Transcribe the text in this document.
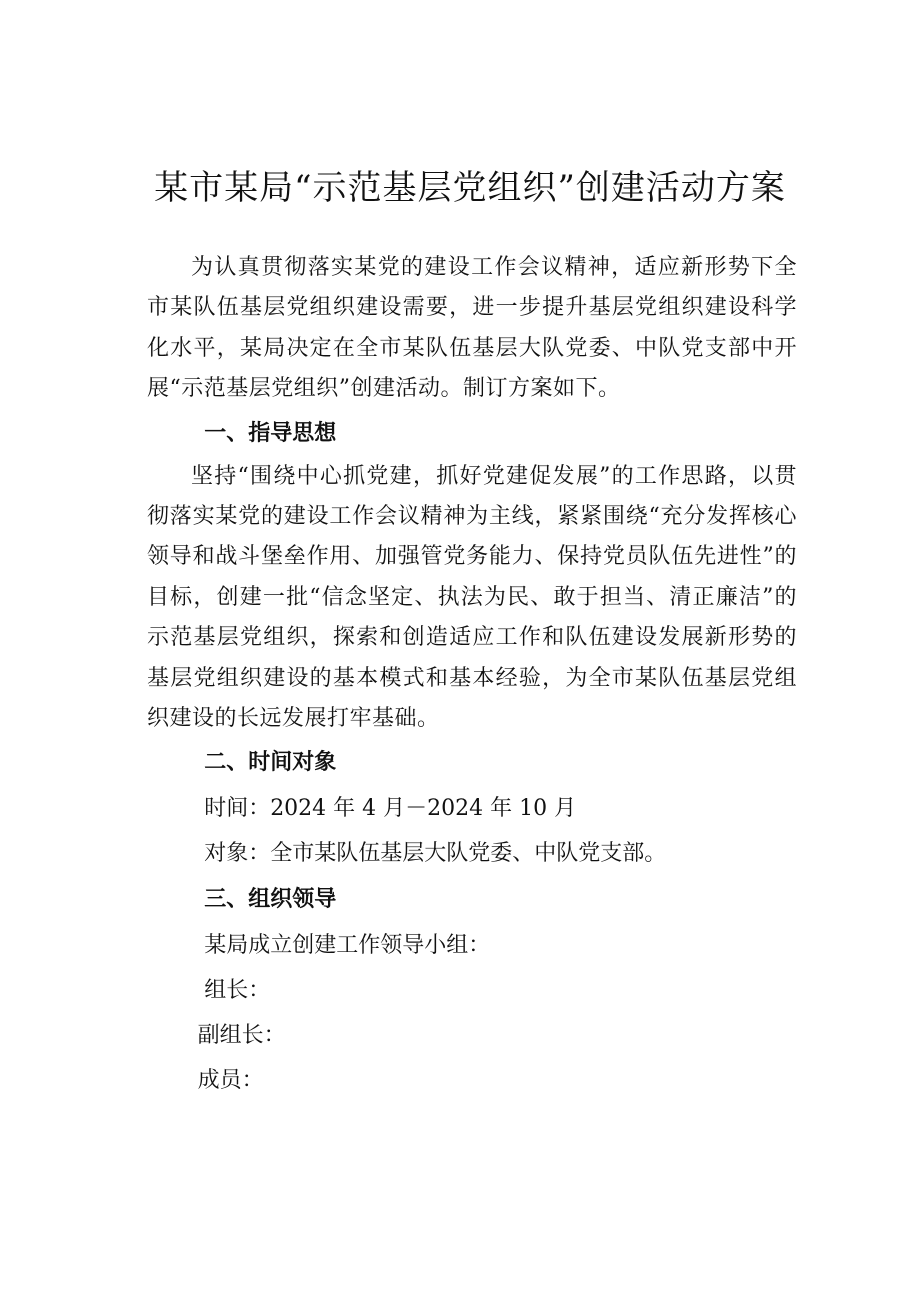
某市某局“示范基层党组织”创建活动方案

为认真贯彻落实某党的建设工作会议精神，适应新形势下全市某队伍基层党组织建设需要，进一步提升基层党组织建设科学化水平，某局决定在全市某队伍基层大队党委、中队党支部中开展“示范基层党组织”创建活动。制订方案如下。

一、指导思想

坚持“围绕中心抓党建，抓好党建促发展”的工作思路，以贯彻落实某党的建设工作会议精神为主线，紧紧围绕“充分发挥核心领导和战斗堡垒作用、加强管党务能力、保持党员队伍先进性”的目标，创建一批“信念坚定、执法为民、敢于担当、清正廉洁”的示范基层党组织，探索和创造适应工作和队伍建设发展新形势的基层党组织建设的基本模式和基本经验，为全市某队伍基层党组织建设的长远发展打牢基础。

二、时间对象

时间：2024 年 4 月－2024 年 10 月

对象：全市某队伍基层大队党委、中队党支部。

三、组织领导

某局成立创建工作领导小组：

组长：

副组长：

成员：
